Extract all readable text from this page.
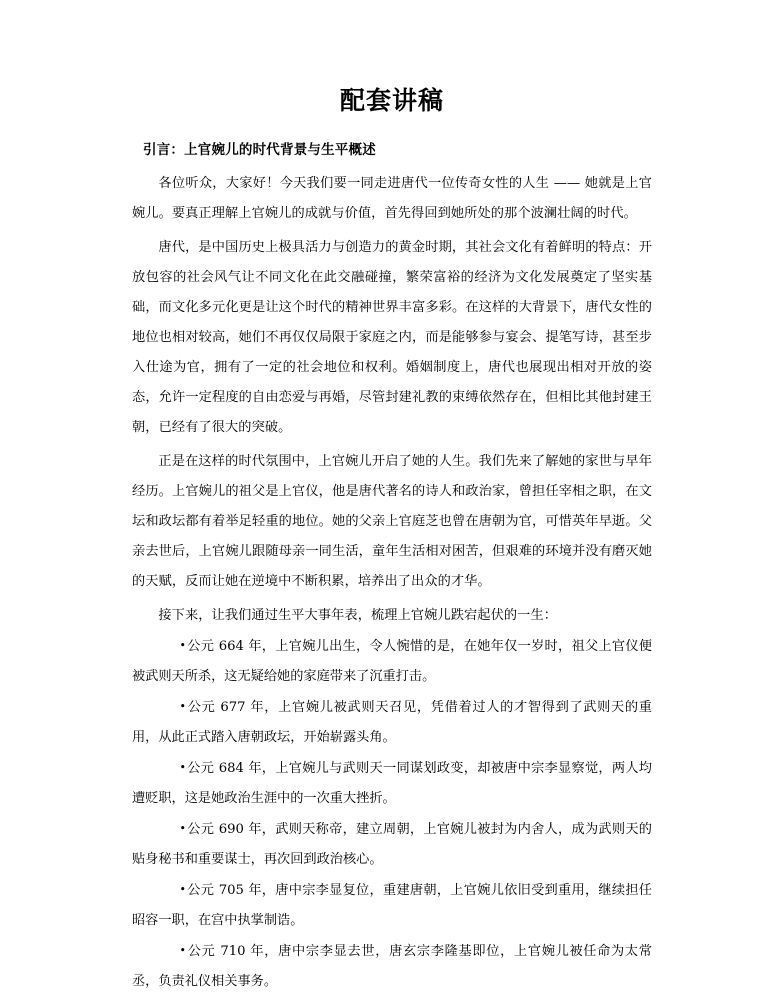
配套讲稿

引言：上官婉儿的时代背景与生平概述

各位听众，大家好！今天我们要一同走进唐代一位传奇女性的人生 —— 她就是上官婉儿。要真正理解上官婉儿的成就与价值，首先得回到她所处的那个波澜壮阔的时代。

唐代，是中国历史上极具活力与创造力的黄金时期，其社会文化有着鲜明的特点：开放包容的社会风气让不同文化在此交融碰撞，繁荣富裕的经济为文化发展奠定了坚实基础，而文化多元化更是让这个时代的精神世界丰富多彩。在这样的大背景下，唐代女性的地位也相对较高，她们不再仅仅局限于家庭之内，而是能够参与宴会、提笔写诗，甚至步入仕途为官，拥有了一定的社会地位和权利。婚姻制度上，唐代也展现出相对开放的姿态，允许一定程度的自由恋爱与再婚，尽管封建礼教的束缚依然存在，但相比其他封建王朝，已经有了很大的突破。

正是在这样的时代氛围中，上官婉儿开启了她的人生。我们先来了解她的家世与早年经历。上官婉儿的祖父是上官仪，他是唐代著名的诗人和政治家，曾担任宰相之职，在文坛和政坛都有着举足轻重的地位。她的父亲上官庭芝也曾在唐朝为官，可惜英年早逝。父亲去世后，上官婉儿跟随母亲一同生活，童年生活相对困苦，但艰难的环境并没有磨灭她的天赋，反而让她在逆境中不断积累，培养出了出众的才华。

接下来，让我们通过生平大事年表，梳理上官婉儿跌宕起伏的一生：

• 公元 664 年，上官婉儿出生，令人惋惜的是，在她年仅一岁时，祖父上官仪便被武则天所杀，这无疑给她的家庭带来了沉重打击。
• 公元 677 年，上官婉儿被武则天召见，凭借着过人的才智得到了武则天的重用，从此正式踏入唐朝政坛，开始崭露头角。
• 公元 684 年，上官婉儿与武则天一同谋划政变，却被唐中宗李显察觉，两人均遭贬职，这是她政治生涯中的一次重大挫折。
• 公元 690 年，武则天称帝，建立周朝，上官婉儿被封为内舍人，成为武则天的贴身秘书和重要谋士，再次回到政治核心。
• 公元 705 年，唐中宗李显复位，重建唐朝，上官婉儿依旧受到重用，继续担任昭容一职，在宫中执掌制诰。
• 公元 710 年，唐中宗李显去世，唐玄宗李隆基即位，上官婉儿被任命为太常丞，负责礼仪相关事务。
